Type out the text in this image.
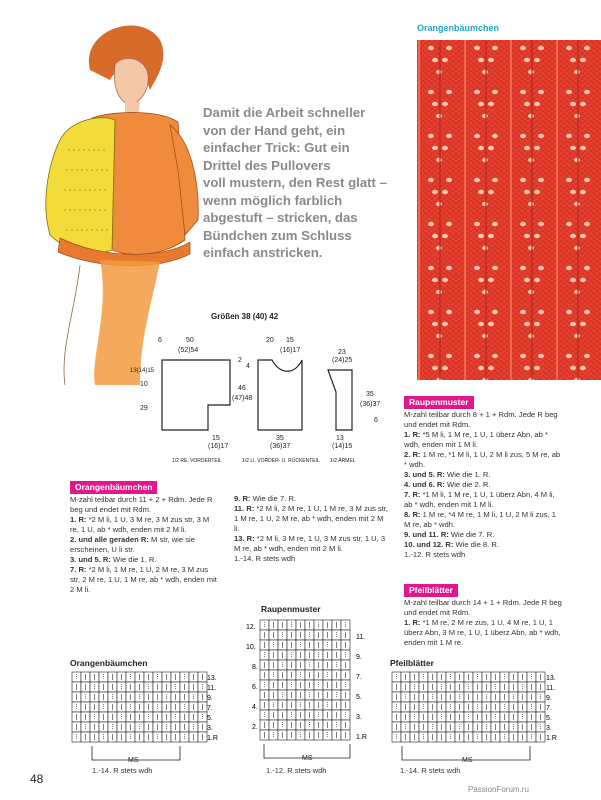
Damit die Arbeit schneller
von der Hand geht, ein
einfacher Trick: Gut ein
Drittel des Pullovers
voll mustern, den Rest glatt –
wenn möglich farblich
abgestuft – stricken, das
Bündchen zum Schluss
einfach anstricken.
Orangenbäumchen
Größen 38 (40) 42
6	50
(52)54
13(14)15
10
29
15
(16)17
1/2 RE. VORDERTEIL
20 15
(16)17
2
4
46
(47)48
35
(36)37
1/2 LI. VORDER- U. RÜCKENTEIL
23
(24)25
35
(36)37
6
13
(14)15
1/2 ÄRMEL
Orangenbäumchen
M-zahl teilbar durch 11 + 2 + Rdm. Jede R beg und endet mit Rdm.
1. R: *2 M li, 1 U, 3 M re, 3 M zus str, 3 M re, 1 U, ab * wdh, enden mit 2 M li.
2. und alle geraden R: M str, wie sie erscheinen, U li str.
3. und 5. R: Wie die 1. R.
7. R: *2 M li, 1 M re, 1 U, 2 M re, 3 M zus str, 2 M re, 1 U, 1 M re, ab * wdh, enden mit 2 M li.
9. R: Wie die 7. R.
11. R: *2 M li, 2 M re, 1 U, 1 M re, 3 M zus str, 1 M re, 1 U, 2 M re, ab * wdh, enden mit 2 M li.
13. R: *2 M li, 3 M re, 1 U, 3 M zus str, 1 U, 3 M re, ab * wdh, enden mit 2 M li.
1.-14. R stets wdh
Raupenmuster
M-zahl teilbar durch 8 + 1 + Rdm. Jede R beg und endet mit Rdm.
1. R: *5 M li, 1 M re, 1 U, 1 überz Abn, ab * wdh, enden mit 1 M li.
2. R: 1 M re, *1 M li, 1 U, 2 M li zus, 5 M re, ab * wdh.
3. und 5. R: Wie die 1. R.
4. und 6. R: Wie die 2. R.
7. R: *1 M li, 1 M re, 1 U, 1 überz Abn, 4 M li, ab * wdh, enden mit 1 M li.
8. R: 1 M re, *4 M re, 1 M li, 1 U, 2 M li zus, 1 M re, ab * wdh.
9. und 11. R: Wie die 7. R.
10. und 12. R: Wie die 8. R.
1.-12. R stets wdh
Pfeilblätter
M-zahl teilbar durch 14 + 1 + Rdm. Jede R beg und endet mit Rdm.
1. R: *1 M re, 2 M re zus, 1 U, 4 M re, 1 U, 1 überz Abn, 3 M re, 1 U, 1 überz Abn, ab * wdh, enden mit 1 M re.
Orangenbäumchen
13.
11.
9.
7.
5.
3.
1.R
MS
1.-14. R stets wdh
Raupenmuster
12.
10.
8.
6.
4.
2.
11.
9.
7.
5.
3.
1.R
MS
1.-12. R stets wdh
Pfeilblätter
13.
11.
9.
7.
5.
3.
1.R
MS
1.-14. R stets wdh
48
PassionForum.ru
